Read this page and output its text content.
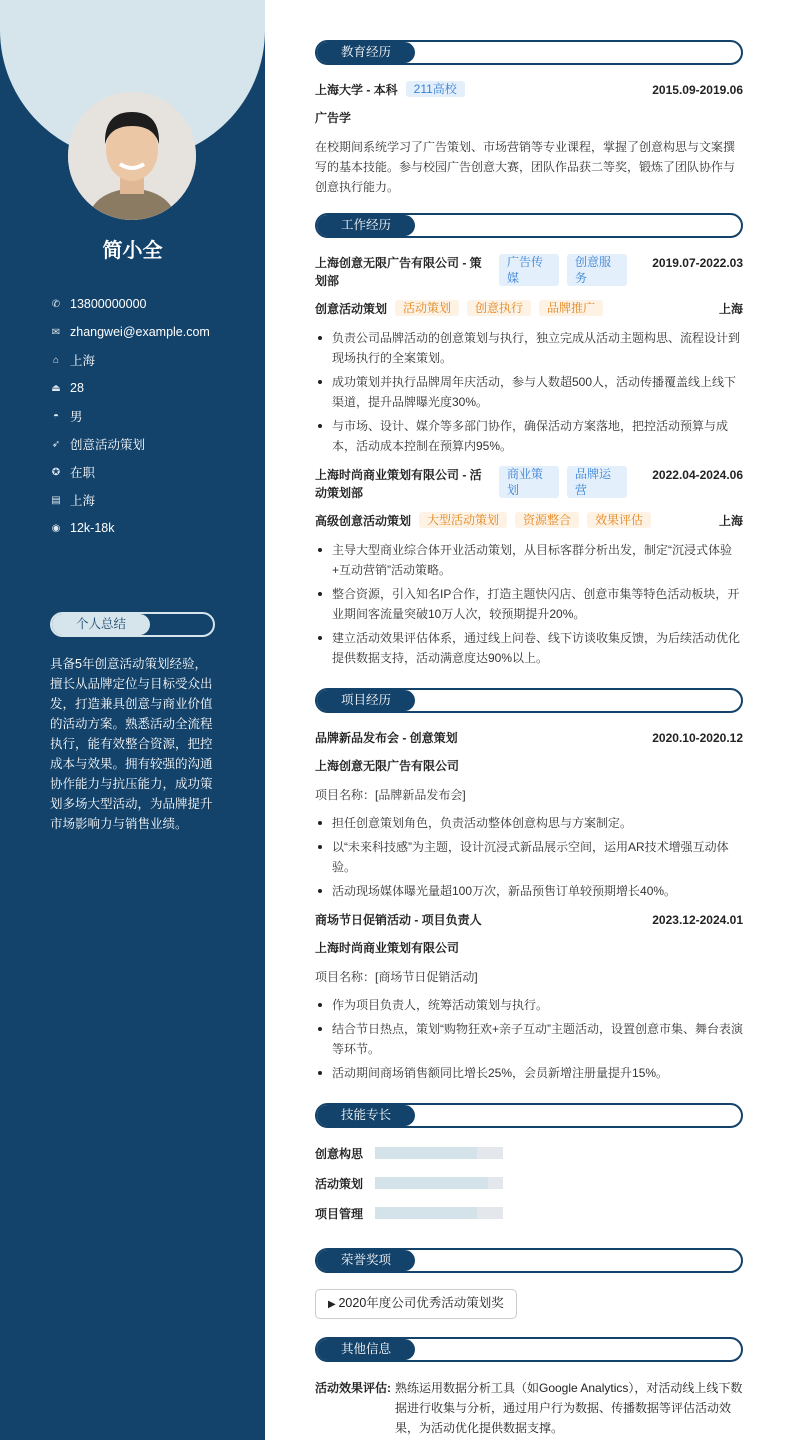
简小全
✆ 13800000000
✉ zhangwei@example.com
⌂ 上海
⏏ 28
◓ 男
➶ 创意活动策划
✪ 在职
▤ 上海
◉ 12k-18k
个人总结
具备5年创意活动策划经验，擅长从品牌定位与目标受众出发，打造兼具创意与商业价值的活动方案。熟悉活动全流程执行，能有效整合资源，把控成本与效果。拥有较强的沟通协作能力与抗压能力，成功策划多场大型活动，为品牌提升市场影响力与销售业绩。
教育经历
上海大学 - 本科	211高校	2015.09-2019.06
广告学
在校期间系统学习了广告策划、市场营销等专业课程，掌握了创意构思与文案撰写的基本技能。参与校园广告创意大赛，团队作品获二等奖，锻炼了团队协作与创意执行能力。
工作经历
上海创意无限广告有限公司 - 策划部
广告传媒
创意服务
2019.07-2022.03
创意活动策划	活动策划	创意执行	品牌推广	上海
负责公司品牌活动的创意策划与执行，独立完成从活动主题构思、流程设计到现场执行的全案策划。
成功策划并执行品牌周年庆活动，参与人数超500人，活动传播覆盖线上线下渠道，提升品牌曝光度30%。
与市场、设计、媒介等多部门协作，确保活动方案落地，把控活动预算与成本，活动成本控制在预算内95%。
上海时尚商业策划有限公司 - 活动策划部
商业策划
品牌运营
2022.04-2024.06
高级创意活动策划	大型活动策划	资源整合	效果评估	上海
主导大型商业综合体开业活动策划，从目标客群分析出发，制定“沉浸式体验+互动营销”活动策略。
整合资源，引入知名IP合作，打造主题快闪店、创意市集等特色活动板块，开业期间客流量突破10万人次，较预期提升20%。
建立活动效果评估体系，通过线上问卷、线下访谈收集反馈，为后续活动优化提供数据支持，活动满意度达90%以上。
项目经历
品牌新品发布会 - 创意策划	2020.10-2020.12
上海创意无限广告有限公司
项目名称：[品牌新品发布会]
担任创意策划角色，负责活动整体创意构思与方案制定。
以“未来科技感”为主题，设计沉浸式新品展示空间，运用AR技术增强互动体验。
活动现场媒体曝光量超100万次，新品预售订单较预期增长40%。
商场节日促销活动 - 项目负责人	2023.12-2024.01
上海时尚商业策划有限公司
项目名称：[商场节日促销活动]
作为项目负责人，统筹活动策划与执行。
结合节日热点，策划“购物狂欢+亲子互动”主题活动，设置创意市集、舞台表演等环节。
活动期间商场销售额同比增长25%，会员新增注册量提升15%。
技能专长
创意构思
活动策划
项目管理
荣誉奖项
▶ 2020年度公司优秀活动策划奖
其他信息
活动效果评估: 熟练运用数据分析工具（如Google Analytics），对活动线上线下数据进行收集与分析，通过用户行为数据、传播数据等评估活动效果，为活动优化提供数据支撑。
